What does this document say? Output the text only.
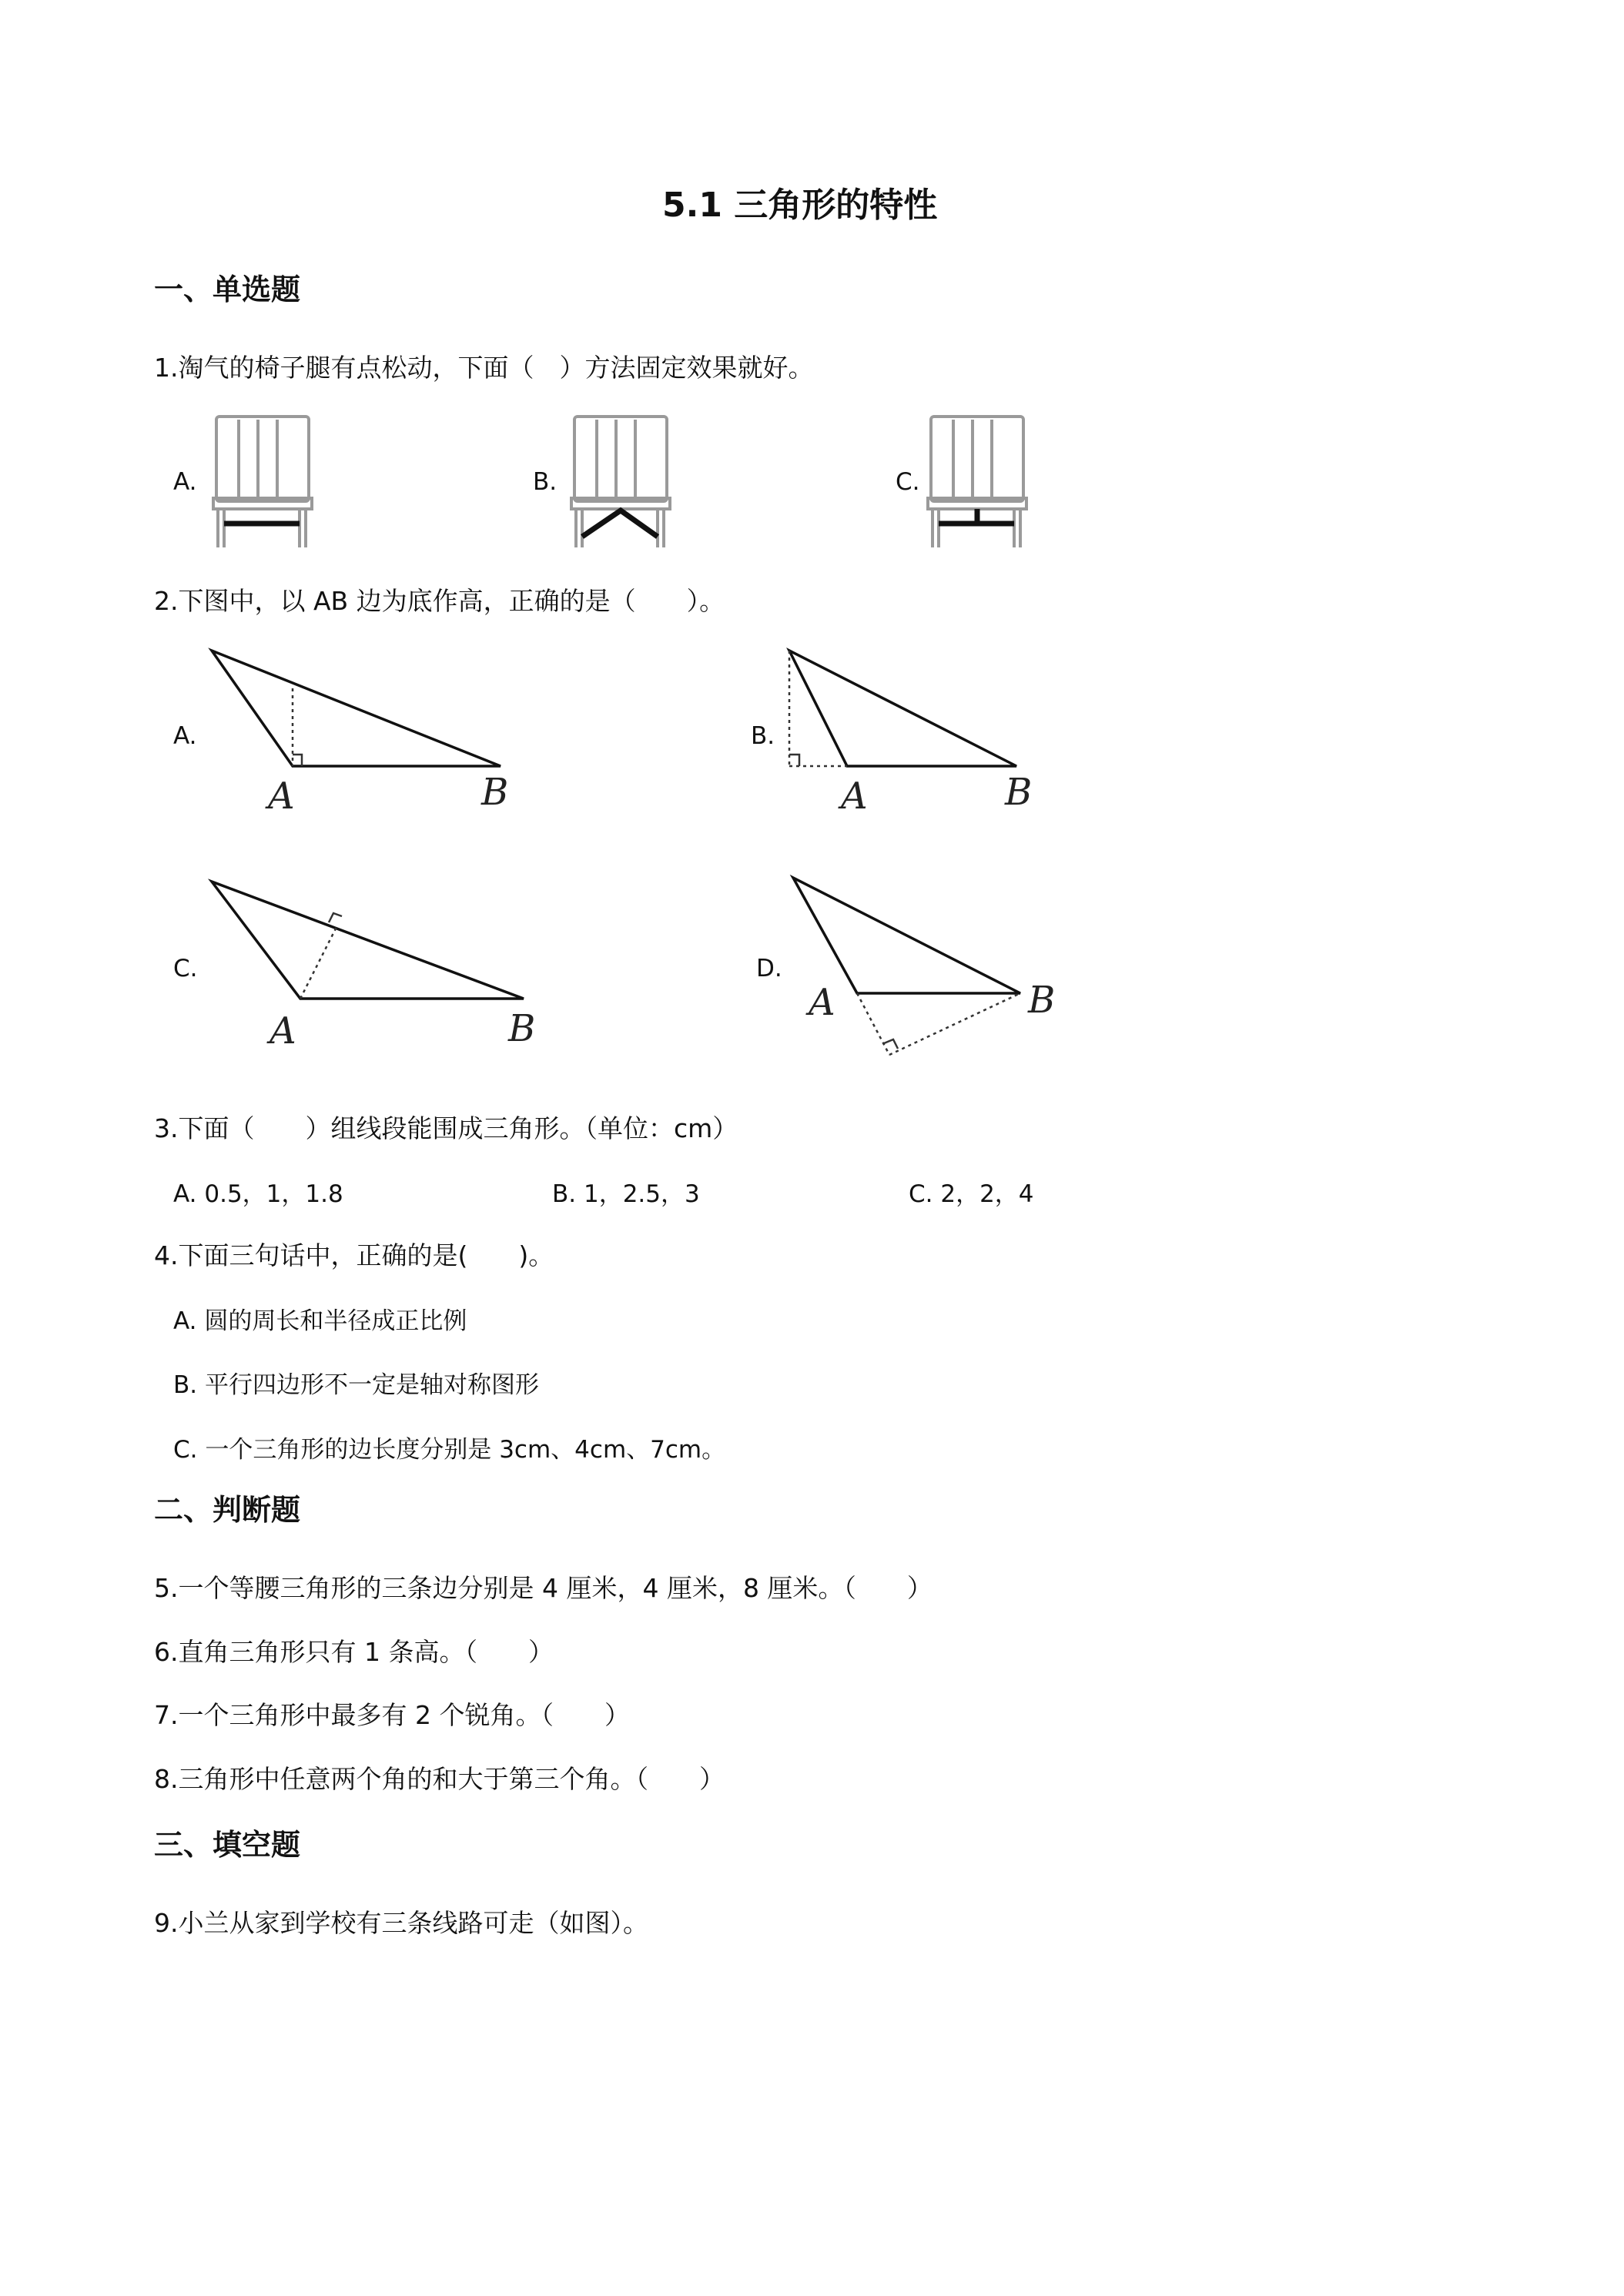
5.1 三角形的特性
一、单选题
1.淘气的椅子腿有点松动，下面（　）方法固定效果就好。
A.	B.	C.
2.下图中，以 AB 边为底作高，正确的是（　　）。
A.	B.
C.	D.
A	B	A	B
A	B
A	B
3.下面（　　）组线段能围成三角形。（单位：cm）
A. 0.5，1，1.8	B. 1，2.5，3	C. 2，2，4
4.下面三句话中，正确的是(　　)。
A. 圆的周长和半径成正比例
B. 平行四边形不一定是轴对称图形
C. 一个三角形的边长度分别是 3cm、4cm、7cm。
二、判断题
5.一个等腰三角形的三条边分别是 4 厘米，4 厘米，8 厘米。（　　）
6.直角三角形只有 1 条高。（　　）
7.一个三角形中最多有 2 个锐角。（　　）
8.三角形中任意两个角的和大于第三个角。（　　）
三、填空题
9.小兰从家到学校有三条线路可走（如图）。
